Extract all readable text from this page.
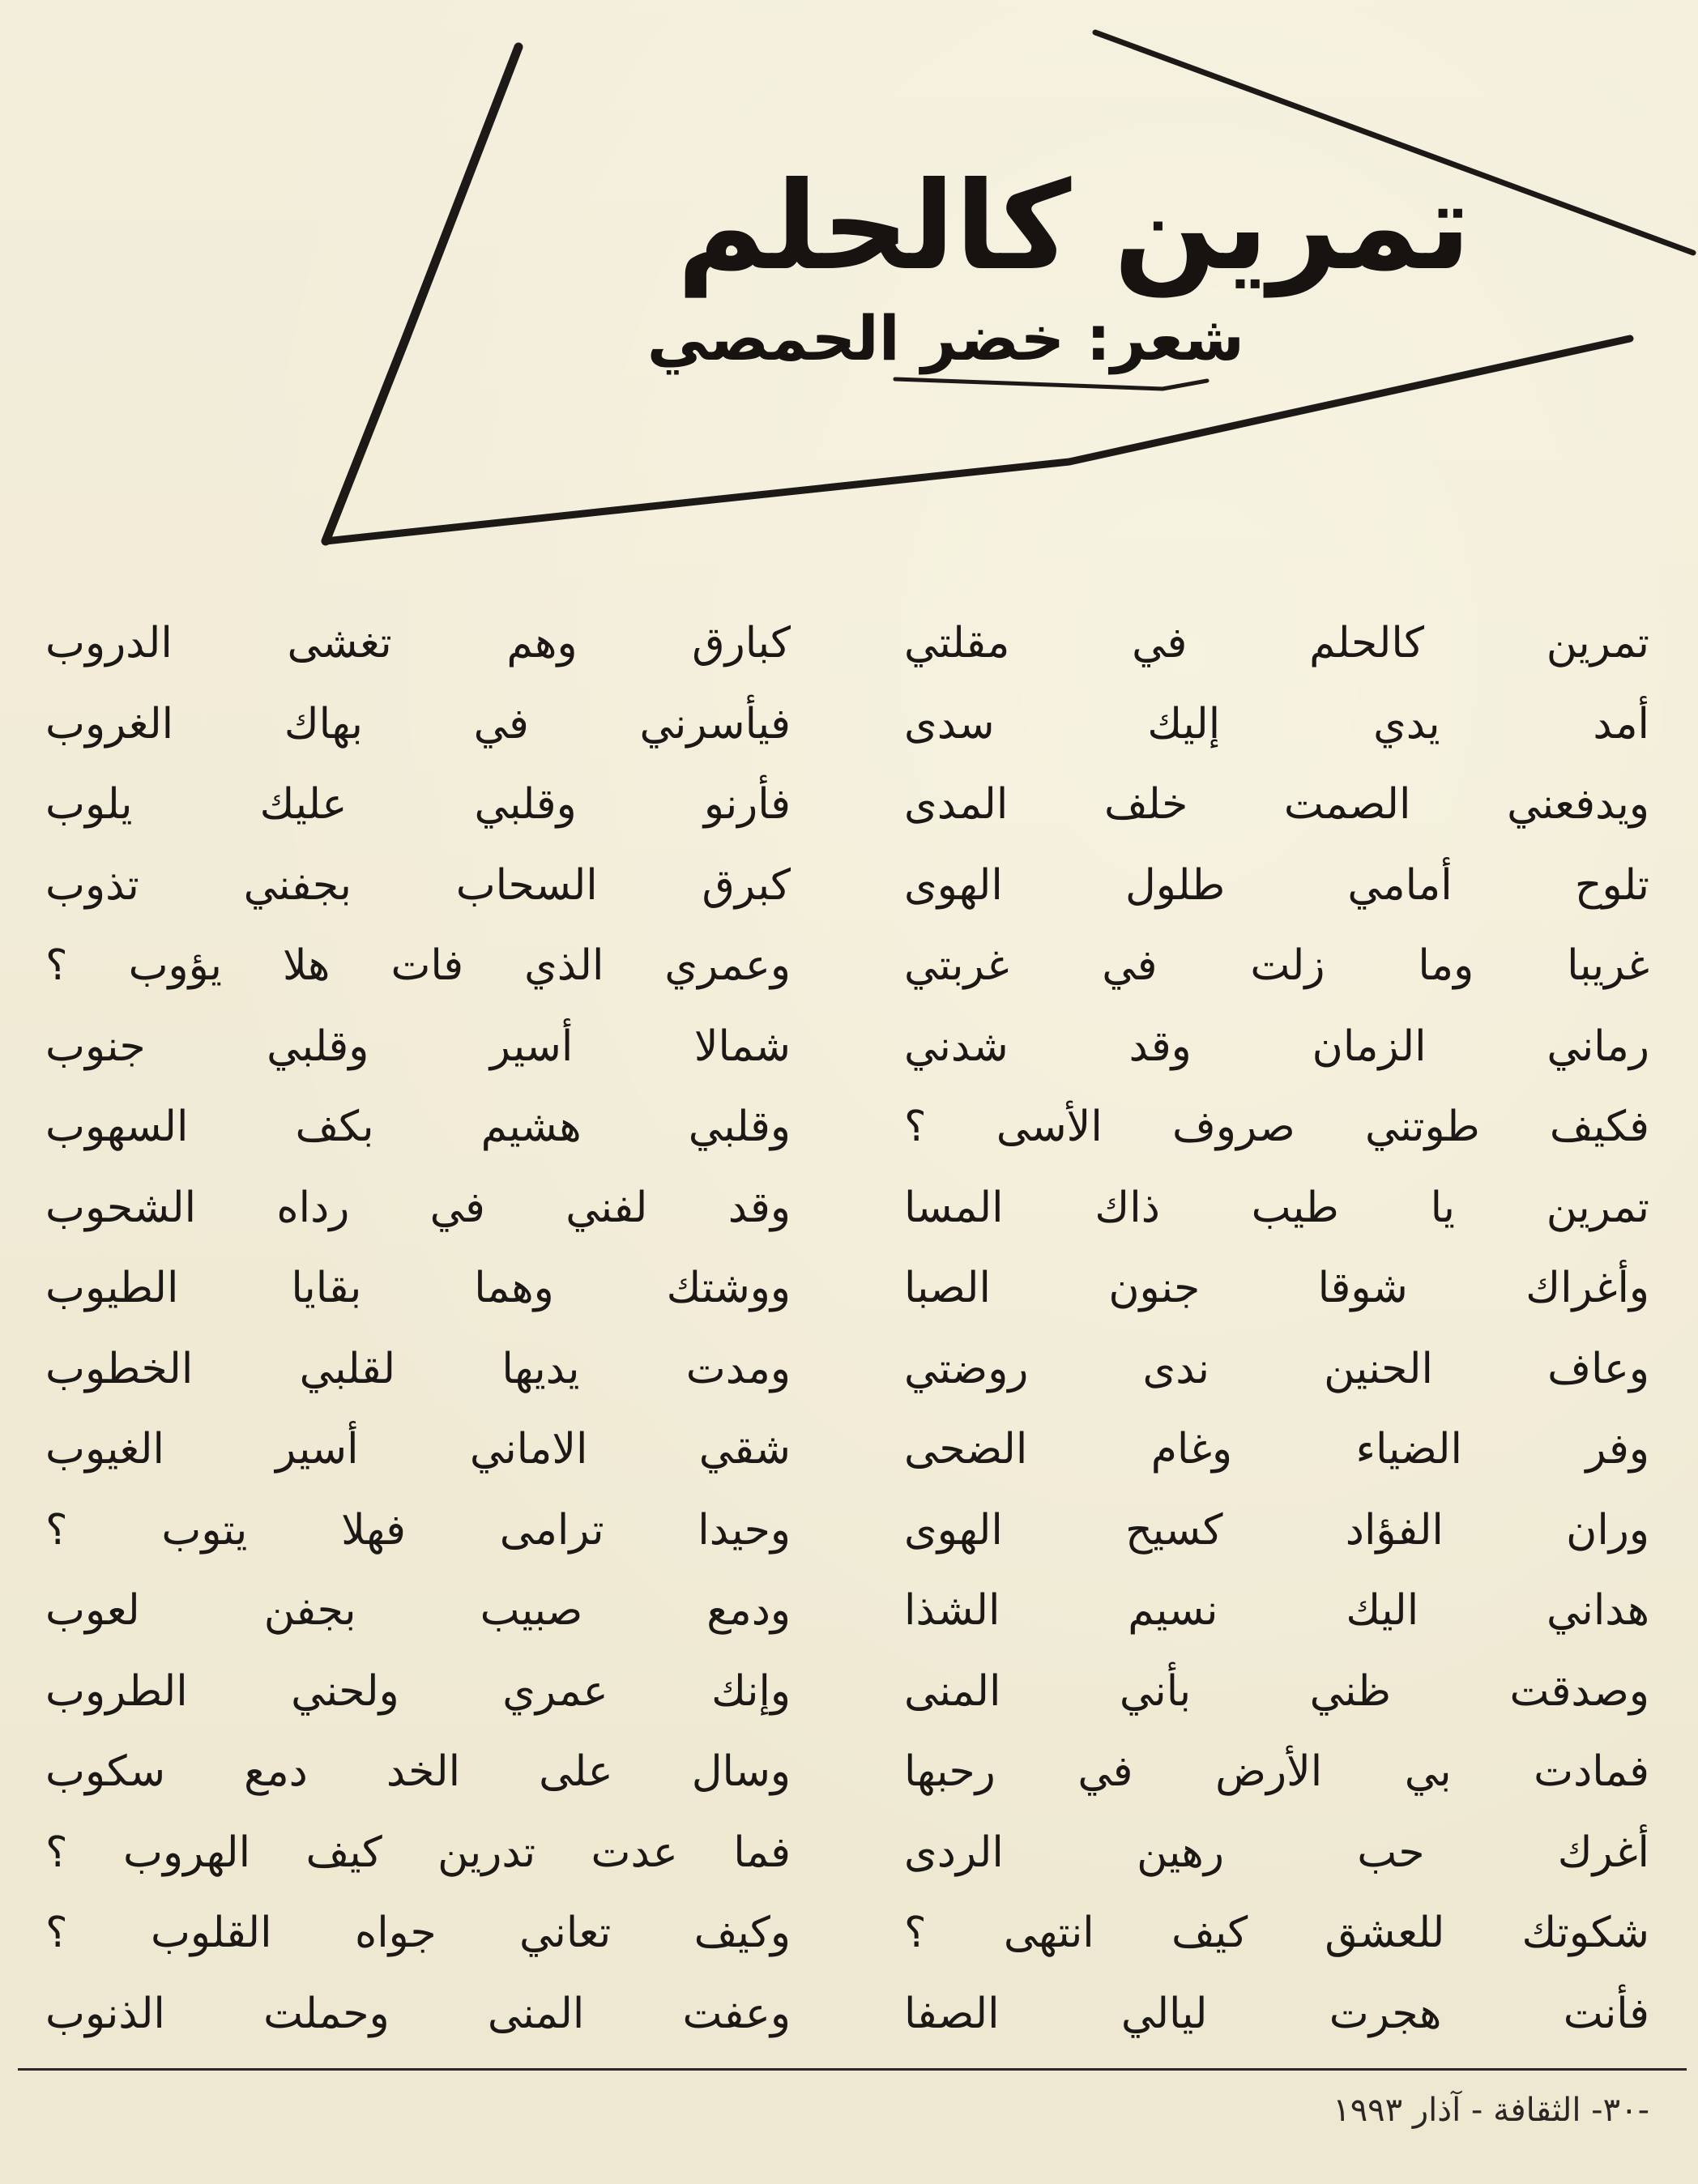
تمرين كالحلم
شعر: خضر الحمصي
تمرين كالحلم في مقلتي
أمد يدي إليك سدى
ويدفعني الصمت خلف المدى
تلوح أمامي طلول الهوى
غريبا وما زلت في غربتي
رماني الزمان وقد شدني
فكيف طوتني صروف الأسى ؟
تمرين يا طيب ذاك المسا
وأغراك شوقا جنون الصبا
وعاف الحنين ندى روضتي
وفر الضياء وغام الضحى
وران الفؤاد كسيح الهوى
هداني اليك نسيم الشذا
وصدقت ظني بأني المنى
فمادت بي الأرض في رحبها
أغرك حب رهين الردى
شكوتك للعشق كيف انتهى ؟
فأنت هجرت ليالي الصفا
كبارق وهم تغشى الدروب
فيأسرني في بهاك الغروب
فأرنو وقلبي عليك يلوب
كبرق السحاب بجفني تذوب
وعمري الذي فات هلا يؤوب ؟
شمالا أسير وقلبي جنوب
وقلبي هشيم بكف السهوب
وقد لفني في رداه الشحوب
ووشتك وهما بقايا الطيوب
ومدت يديها لقلبي الخطوب
شقي الاماني أسير الغيوب
وحيدا ترامى فهلا يتوب ؟
ودمع صبيب بجفن لعوب
وإنك عمري ولحني الطروب
وسال على الخد دمع سكوب
فما عدت تدرين كيف الهروب ؟
وكيف تعاني جواه القلوب ؟
وعفت المنى وحملت الذنوب
-٣٠- الثقافة - آذار ١٩٩٣
